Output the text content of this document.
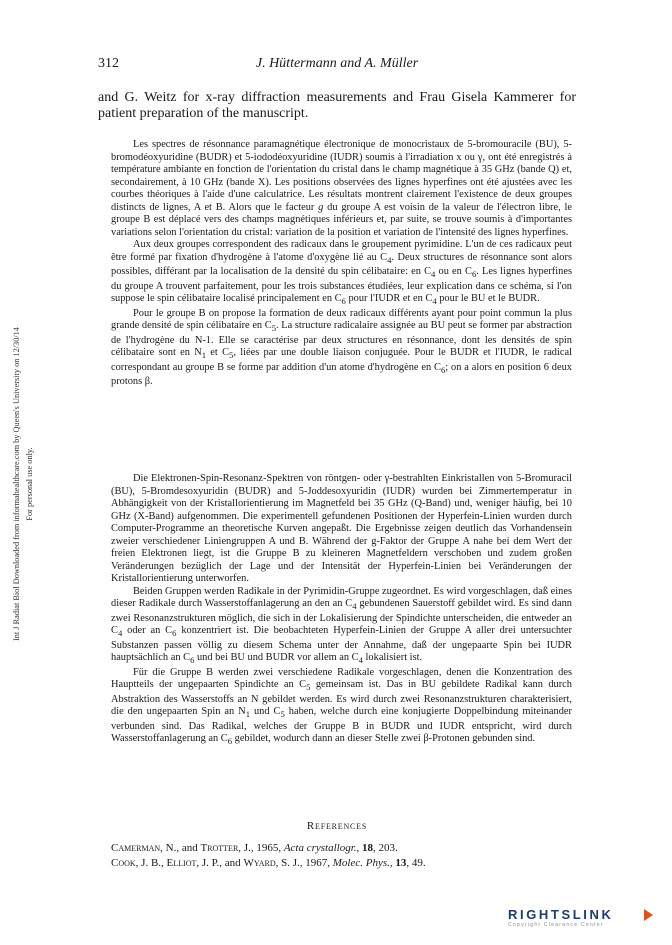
Int J Radiat Biol Downloaded from informahealthcare.com by Queen's University on 12/30/14 For personal use only.
312	J. Hüttermann and A. Müller

and G. Weitz for x-ray diffraction measurements and Frau Gisela Kammerer for patient preparation of the manuscript.

Les spectres de résonnance paramagnétique électronique de monocristaux de 5-bromouracile (BU), 5-bromodéoxyuridine (BUDR) et 5-iododéoxyuridine (IUDR) soumis à l'irradiation x ou γ, ont été enregistrés à température ambiante en fonction de l'orientation du cristal dans le champ magnétique à 35 GHz (bande Q) et, secondairement, à 10 GHz (bande X). Les positions observées des lignes hyperfines ont été ajustées avec les courbes théoriques à l'aide d'une calculatrice. Les résultats montrent clairement l'existence de deux groupes distincts de lignes, A et B. Alors que le facteur g du groupe A est voisin de la valeur de l'électron libre, le groupe B est déplacé vers des champs magnétiques inférieurs et, par suite, se trouve soumis à d'importantes variations selon l'orientation du cristal: variation de la position et variation de l'intensité des lignes hyperfines.

Aux deux groupes correspondent des radicaux dans le groupement pyrimidine. L'un de ces radicaux peut être formé par fixation d'hydrogène à l'atome d'oxygène lié au $C_4$. Deux structures de résonnance sont alors possibles, différant par la localisation de la densité du spin célibataire: en $C_4$ ou en $C_6$. Les lignes hyperfines du groupe A trouvent parfaitement, pour les trois substances étudiées, leur explication dans ce schéma, si l'on suppose le spin célibataire localisé principalement en $C_6$ pour l'IUDR et en $C_4$ pour le BU et le BUDR.

Pour le groupe B on propose la formation de deux radicaux différents ayant pour point commun la plus grande densité de spin célibataire en $C_5$. La structure radicalaire assignée au BU peut se former par abstraction de l'hydrogène du N-1. Elle se caractérise par deux structures en résonnance, dont les densités de spin célibataire sont en $N_1$ et $C_5$, liées par une double liaison conjuguée. Pour le BUDR et l'IUDR, le radical correspondant au groupe B se forme par addition d'un atome d'hydrogène en $C_6$; on a alors en position 6 deux protons β.

Die Elektronen-Spin-Resonanz-Spektren von röntgen- oder γ-bestrahlten Einkristallen von 5-Bromuracil (BU), 5-Bromdesoxyuridin (BUDR) and 5-Joddesoxyuridin (IUDR) wurden bei Zimmertemperatur in Abhängigkeit von der Kristallorientierung im Magnetfeld bei 35 GHz (Q-Band) und, weniger häufig, bei 10 GHz (X-Band) aufgenommen. Die experimentell gefundenen Positionen der Hyperfein-Linien wurden durch Computer-Programme an theoretische Kurven angepaßt. Die Ergebnisse zeigen deutlich das Vorhandensein zweier verschiedener Liniengruppen A und B. Während der g-Faktor der Gruppe A nahe bei dem Wert der freien Elektronen liegt, ist die Gruppe B zu kleineren Magnetfeldern verschoben und zudem großen Veränderungen bezüglich der Lage und der Intensität der Hyperfein-Linien bei Veränderungen der Kristallorientierung unterworfen.

Beiden Gruppen werden Radikale in der Pyrimidin-Gruppe zugeordnet. Es wird vorgeschlagen, daß eines dieser Radikale durch Wasserstoffanlagerung an den an $C_4$ gebundenen Sauerstoff gebildet wird. Es sind dann zwei Resonanzstrukturen möglich, die sich in der Lokalisierung der Spindichte unterscheiden, die entweder an $C_4$ oder an $C_6$ konzentriert ist. Die beobachteten Hyperfein-Linien der Gruppe A aller drei untersuchter Substanzen passen völlig zu diesem Schema unter der Annahme, daß der ungepaarte Spin bei IUDR hauptsächlich an $C_6$ und bei BU und BUDR vor allem an $C_4$ lokalisiert ist.

Für die Gruppe B werden zwei verschiedene Radikale vorgeschlagen, denen die Konzentration des Hauptteils der ungepaarten Spindichte an $C_5$ gemeinsam ist. Das in BU gebildete Radikal kann durch Abstraktion des Wasserstoffs an N gebildet werden. Es wird durch zwei Resonanzstrukturen charakterisiert, die den ungepaarten Spin an $N_1$ und $C_5$ haben, welche durch eine konjugierte Doppelbindung miteinander verbunden sind. Das Radikal, welches der Gruppe B in BUDR und IUDR entspricht, wird durch Wasserstoffanlagerung an $C_6$ gebildet, wodurch dann an dieser Stelle zwei β-Protonen gebunden sind.

References
Camerman, N., and Trotter, J., 1965, Acta crystallogr., 18, 203.
Cook, J. B., Elliot, J. P., and Wyard, S. J., 1967, Molec. Phys., 13, 49.
RIGHTSLINK
Copyright Clearance Center
